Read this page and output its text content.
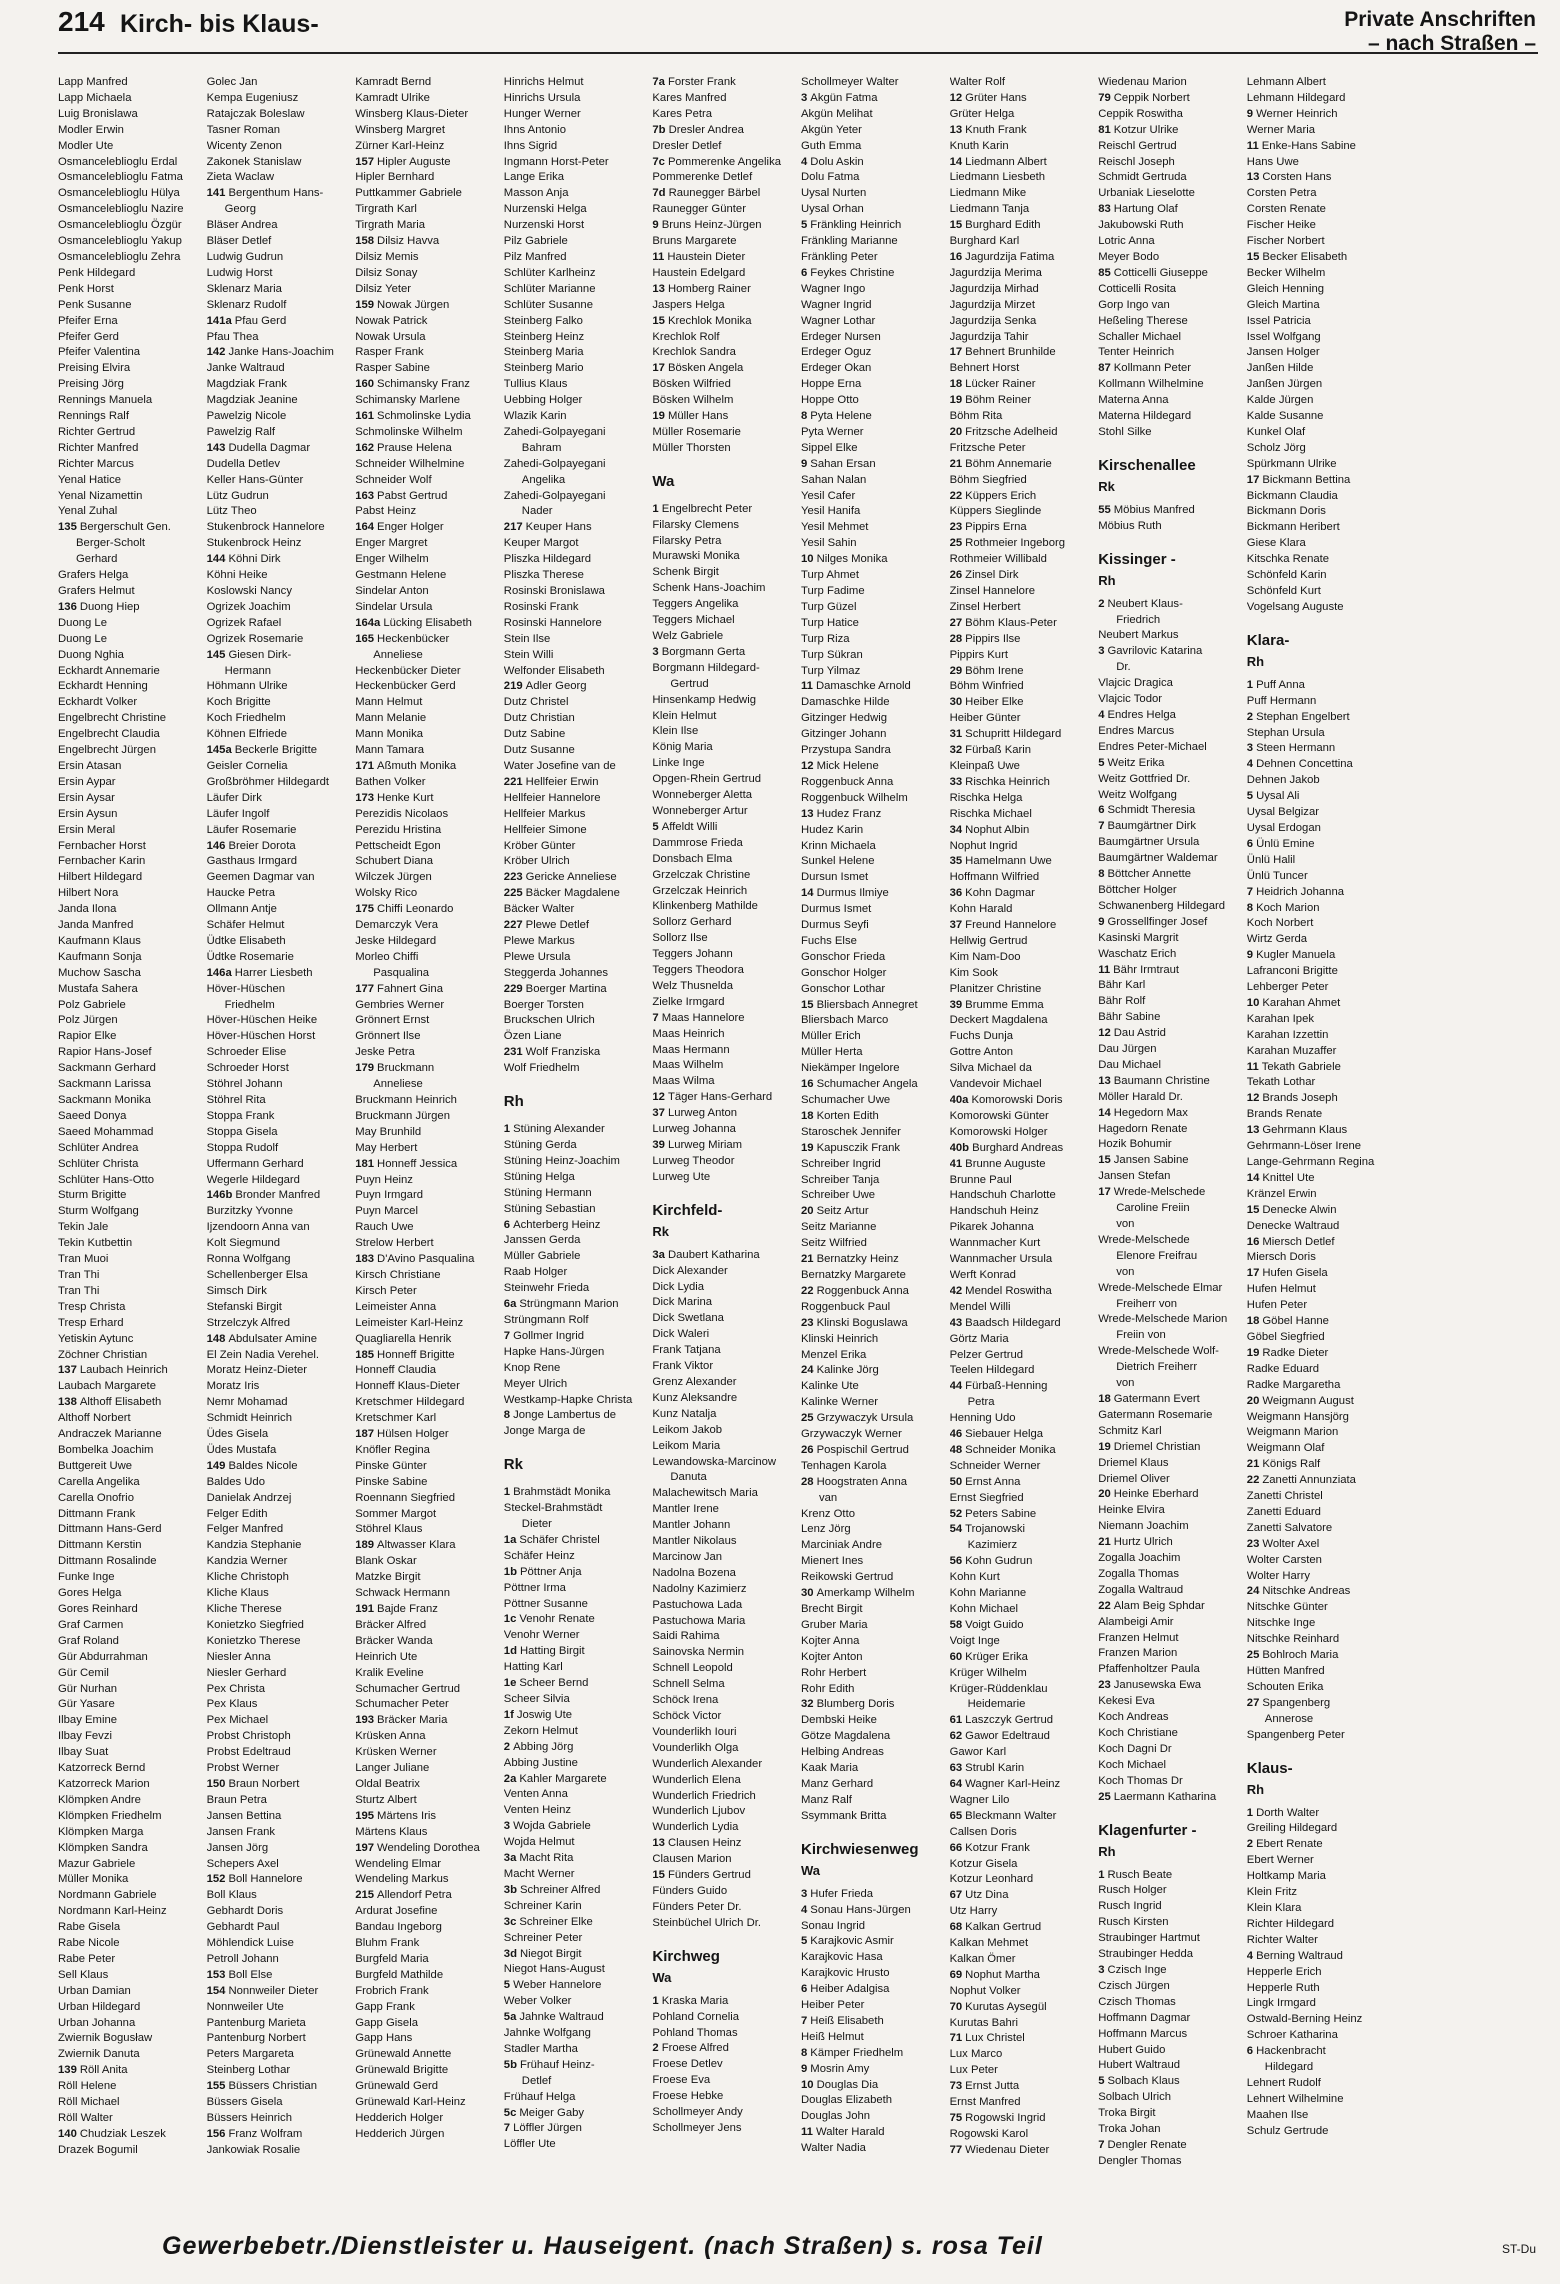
214 Kirch- bis Klaus-	Private Anschriften
– nach Straßen –
Lapp Manfred
Lapp Michaela
Luig Bronislawa
Modler Erwin
Modler Ute
Osmanceleblioglu Erdal
Osmanceleblioglu Fatma
Osmanceleblioglu Hülya
Osmanceleblioglu Nazire
Osmanceleblioglu Özgür
Osmanceleblioglu Yakup
Osmanceleblioglu Zehra
Penk Hildegard
Penk Horst
Penk Susanne
Pfeifer Erna
Pfeifer Gerd
Pfeifer Valentina
Preising Elvira
Preising Jörg
Rennings Manuela
Rennings Ralf
Richter Gertrud
Richter Manfred
Richter Marcus
Yenal Hatice
Yenal Nizamettin
Yenal Zuhal
135 Bergerschult Gen.
Berger-Scholt
Gerhard
Grafers Helga
Grafers Helmut
136 Duong Hiep
Duong Le
Duong Le
Duong Nghia
Eckhardt Annemarie
Eckhardt Henning
Eckhardt Volker
Engelbrecht Christine
Engelbrecht Claudia
Engelbrecht Jürgen
Ersin Atasan
Ersin Aypar
Ersin Aysar
Ersin Aysun
Ersin Meral
Fernbacher Horst
Fernbacher Karin
Hilbert Hildegard
Hilbert Nora
Janda Ilona
Janda Manfred
Kaufmann Klaus
Kaufmann Sonja
Muchow Sascha
Mustafa Sahera
Polz Gabriele
Polz Jürgen
Rapior Elke
Rapior Hans-Josef
Sackmann Gerhard
Sackmann Larissa
Sackmann Monika
Saeed Donya
Saeed Mohammad
Schlüter Andrea
Schlüter Christa
Schlüter Hans-Otto
Sturm Brigitte
Sturm Wolfgang
Tekin Jale
Tekin Kutbettin
Tran Muoi
Tran Thi
Tran Thi
Tresp Christa
Tresp Erhard
Yetiskin Aytunc
Zöchner Christian
137 Laubach Heinrich
Laubach Margarete
138 Althoff Elisabeth
Althoff Norbert
Andraczek Marianne
Bombelka Joachim
Buttgereit Uwe
Carella Angelika
Carella Onofrio
Dittmann Frank
Dittmann Hans-Gerd
Dittmann Kerstin
Dittmann Rosalinde
Funke Inge
Gores Helga
Gores Reinhard
Graf Carmen
Graf Roland
Gür Abdurrahman
Gür Cemil
Gür Nurhan
Gür Yasare
Ilbay Emine
Ilbay Fevzi
Ilbay Suat
Katzorreck Bernd
Katzorreck Marion
Klömpken Andre
Klömpken Friedhelm
Klömpken Marga
Klömpken Sandra
Mazur Gabriele
Müller Monika
Nordmann Gabriele
Nordmann Karl-Heinz
Rabe Gisela
Rabe Nicole
Rabe Peter
Sell Klaus
Urban Damian
Urban Hildegard
Urban Johanna
Zwiernik Bogusław
Zwiernik Danuta
139 Röll Anita
Röll Helene
Röll Michael
Röll Walter
140 Chudziak Leszek
Drazek Bogumil
Golec Jan
Kempa Eugeniusz
Ratajczak Boleslaw
Tasner Roman
Wicenty Zenon
Zakonek Stanislaw
Zieta Waclaw
141 Bergenthum Hans-
Georg
Bläser Andrea
Bläser Detlef
Ludwig Gudrun
Ludwig Horst
Sklenarz Maria
Sklenarz Rudolf
141a Pfau Gerd
Pfau Thea
142 Janke Hans-Joachim
Janke Waltraud
Magdziak Frank
Magdziak Jeanine
Pawelzig Nicole
Pawelzig Ralf
143 Dudella Dagmar
Dudella Detlev
Keller Hans-Günter
Lütz Gudrun
Lütz Theo
Stukenbrock Hannelore
Stukenbrock Heinz
144 Köhni Dirk
Köhni Heike
Koslowski Nancy
Ogrizek Joachim
Ogrizek Rafael
Ogrizek Rosemarie
145 Giesen Dirk-
Hermann
Höhmann Ulrike
Koch Brigitte
Koch Friedhelm
Köhnen Elfriede
145a Beckerle Brigitte
Geisler Cornelia
Großbröhmer Hildegardt
Läufer Dirk
Läufer Ingolf
Läufer Rosemarie
146 Breier Dorota
Gasthaus Irmgard
Geemen Dagmar van
Haucke Petra
Ollmann Antje
Schäfer Helmut
Üdtke Elisabeth
Üdtke Rosemarie
146a Harrer Liesbeth
Höver-Hüschen
Friedhelm
Höver-Hüschen Heike
Höver-Hüschen Horst
Schroeder Elise
Schroeder Horst
Stöhrel Johann
Stöhrel Rita
Stoppa Frank
Stoppa Gisela
Stoppa Rudolf
Uffermann Gerhard
Wegerle Hildegard
146b Bronder Manfred
Burzitzky Yvonne
Ijzendoorn Anna van
Kolt Siegmund
Ronna Wolfgang
Schellenberger Elsa
Simsch Dirk
Stefanski Birgit
Strzelczyk Alfred
148 Abdulsater Amine
El Zein Nadia Verehel.
Moratz Heinz-Dieter
Moratz Iris
Nemr Mohamad
Schmidt Heinrich
Üdes Gisela
Üdes Mustafa
149 Baldes Nicole
Baldes Udo
Danielak Andrzej
Felger Edith
Felger Manfred
Kandzia Stephanie
Kandzia Werner
Kliche Christoph
Kliche Klaus
Kliche Therese
Konietzko Siegfried
Konietzko Therese
Niesler Anna
Niesler Gerhard
Pex Christa
Pex Klaus
Pex Michael
Probst Christoph
Probst Edeltraud
Probst Werner
150 Braun Norbert
Braun Petra
Jansen Bettina
Jansen Frank
Jansen Jörg
Schepers Axel
152 Boll Hannelore
Boll Klaus
Gebhardt Doris
Gebhardt Paul
Möhlendick Luise
Petroll Johann
153 Boll Else
154 Nonnweiler Dieter
Nonnweiler Ute
Pantenburg Marieta
Pantenburg Norbert
Peters Margareta
Steinberg Lothar
155 Büssers Christian
Büssers Gisela
Büssers Heinrich
156 Franz Wolfram
Jankowiak Rosalie
Kamradt Bernd
Kamradt Ulrike
Winsberg Klaus-Dieter
Winsberg Margret
Zürner Karl-Heinz
157 Hipler Auguste
Hipler Bernhard
Puttkammer Gabriele
Tirgrath Karl
Tirgrath Maria
158 Dilsiz Havva
Dilsiz Memis
Dilsiz Sonay
Dilsiz Yeter
159 Nowak Jürgen
Nowak Patrick
Nowak Ursula
Rasper Frank
Rasper Sabine
160 Schimansky Franz
Schimansky Marlene
161 Schmolinske Lydia
Schmolinske Wilhelm
162 Prause Helena
Schneider Wilhelmine
Schneider Wolf
163 Pabst Gertrud
Pabst Heinz
164 Enger Holger
Enger Margret
Enger Wilhelm
Gestmann Helene
Sindelar Anton
Sindelar Ursula
164a Lücking Elisabeth
165 Heckenbücker
Anneliese
Heckenbücker Dieter
Heckenbücker Gerd
Mann Helmut
Mann Melanie
Mann Monika
Mann Tamara
171 Aßmuth Monika
Bathen Volker
173 Henke Kurt
Perezidis Nicolaos
Perezidu Hristina
Pettscheidt Egon
Schubert Diana
Wilczek Jürgen
Wolsky Rico
175 Chiffi Leonardo
Demarczyk Vera
Jeske Hildegard
Morleo Chiffi
Pasqualina
177 Fahnert Gina
Gembries Werner
Grönnert Ernst
Grönnert Ilse
Jeske Petra
179 Bruckmann
Anneliese
Bruckmann Heinrich
Bruckmann Jürgen
May Brunhild
May Herbert
181 Honneff Jessica
Puyn Heinz
Puyn Irmgard
Puyn Marcel
Rauch Uwe
Strelow Herbert
183 D'Avino Pasqualina
Kirsch Christiane
Kirsch Peter
Leimeister Anna
Leimeister Karl-Heinz
Quagliarella Henrik
185 Honneff Brigitte
Honneff Claudia
Honneff Klaus-Dieter
Kretschmer Hildegard
Kretschmer Karl
187 Hülsen Holger
Knöfler Regina
Pinske Günter
Pinske Sabine
Roennann Siegfried
Sommer Margot
Stöhrel Klaus
189 Altwasser Klara
Blank Oskar
Matzke Birgit
Schwack Hermann
191 Bajde Franz
Bräcker Alfred
Bräcker Wanda
Heinrich Ute
Kralik Eveline
Schumacher Gertrud
Schumacher Peter
193 Bräcker Maria
Krüsken Anna
Krüsken Werner
Langer Juliane
Oldal Beatrix
Sturtz Albert
195 Märtens Iris
Märtens Klaus
197 Wendeling Dorothea
Wendeling Elmar
Wendeling Markus
215 Allendorf Petra
Ardurat Josefine
Bandau Ingeborg
Bluhm Frank
Burgfeld Maria
Burgfeld Mathilde
Frobrich Frank
Gapp Frank
Gapp Gisela
Gapp Hans
Grünewald Annette
Grünewald Brigitte
Grünewald Gerd
Grünewald Karl-Heinz
Hedderich Holger
Hedderich Jürgen
Hinrichs Helmut
Hinrichs Ursula
Hunger Werner
Ihns Antonio
Ihns Sigrid
Ingmann Horst-Peter
Lange Erika
Masson Anja
Nurzenski Helga
Nurzenski Horst
Pilz Gabriele
Pilz Manfred
Schlüter Karlheinz
Schlüter Marianne
Schlüter Susanne
Steinberg Falko
Steinberg Heinz
Steinberg Maria
Steinberg Mario
Tullius Klaus
Uebbing Holger
Wlazik Karin
Zahedi-Golpayegani
Bahram
Zahedi-Golpayegani
Angelika
Zahedi-Golpayegani
Nader
217 Keuper Hans
Keuper Margot
Pliszka Hildegard
Pliszka Therese
Rosinski Bronislawa
Rosinski Frank
Rosinski Hannelore
Stein Ilse
Stein Willi
Welfonder Elisabeth
219 Adler Georg
Dutz Christel
Dutz Christian
Dutz Sabine
Dutz Susanne
Water Josefine van de
221 Hellfeier Erwin
Hellfeier Hannelore
Hellfeier Markus
Hellfeier Simone
Kröber Günter
Kröber Ulrich
223 Gericke Anneliese
225 Bäcker Magdalene
Bäcker Walter
227 Plewe Detlef
Plewe Markus
Plewe Ursula
Steggerda Johannes
229 Boerger Martina
Boerger Torsten
Brucksch‌en Ulrich
Özen Liane
231 Wolf Franziska
Wolf Friedhelm
Rh
1 Stüning Alexander
Stüning Gerda
Stüning Heinz-Joachim
Stüning Helga
Stüning Hermann
Stüning Sebastian
6 Achterberg Heinz
Janssen Gerda
Müller Gabriele
Raab Holger
Steinwehr Frieda
6a Strüngmann Marion
Strüngmann Rolf
7 Gollmer Ingrid
Hapke Hans-Jürgen
Knop Rene
Meyer Ulrich
Westkamp-Hapke Christa
8 Jonge Lambertus de
Jonge Marga de
Rk
1 Brahmstädt Monika
Steckel-Brahmstädt
Dieter
1a Schäfer Christel
Schäfer Heinz
1b Pöttner Anja
Pöttner Irma
Pöttner Susanne
1c Venohr Renate
Venohr Werner
1d Hatting Birgit
Hatting Karl
1e Scheer Bernd
Scheer Silvia
1f Joswig Ute
Zekorn Helmut
2 Abbing Jörg
Abbing Justine
2a Kahler Margarete
Venten Anna
Venten Heinz
3 Wojda Gabriele
Wojda Helmut
3a Macht Rita
Macht Werner
3b Schreiner Alfred
Schreiner Karin
3c Schreiner Elke
Schreiner Peter
3d Niegot Birgit
Niegot Hans-August
5 Weber Hannelore
Weber Volker
5a Jahnke Waltraud
Jahnke Wolfgang
Stadler Martha
5b Frühauf Heinz-
Detlef
Frühauf Helga
5c Meiger Gaby
7 Löffler Jürgen
Löffler Ute
7a Forster Frank
Kares Manfred
Kares Petra
7b Dresler Andrea
Dresler Detlef
7c Pommerenke Angelika
Pommerenke Detlef
7d Raunegger Bärbel
Raunegger Günter
9 Bruns Heinz-Jürgen
Bruns Margarete
11 Haustein Dieter
Haustein Edelgard
13 Homberg Rainer
Jaspers Helga
15 Krechlok Monika
Krechlok Rolf
Krechlok Sandra
17 Bösken Angela
Bösken Wilfried
Bösken Wilhelm
19 Müller Hans
Müller Rosemarie
Müller Thorsten
Wa
1 Engelbrecht Peter
Filarsky Clemens
Filarsky Petra
Murawski Monika
Schenk Birgit
Schenk Hans-Joachim
Teggers Angelika
Teggers Michael
Welz Gabriele
3 Borgmann Gerta
Borgmann Hildegard-
Gertrud
Hinsenkamp Hedwig
Klein Helmut
Klein Ilse
König Maria
Linke Inge
Opgen-Rhein Gertrud
Wonneberger Aletta
Wonneberger Artur
5 Affeldt Willi
Dammrose Frieda
Donsbach Elma
Grzelczak Christine
Grzelczak Heinrich
Klinkenberg Mathilde
Sollorz Gerhard
Sollorz Ilse
Teggers Johann
Teggers Theodora
Welz Thusnelda
Zielke Irmgard
7 Maas Hannelore
Maas Heinrich
Maas Hermann
Maas Wilhelm
Maas Wilma
12 Täger Hans-Gerhard
37 Lurweg Anton
Lurweg Johanna
39 Lurweg Miriam
Lurweg Theodor
Lurweg Ute
Kirchfeld-
Rk
3a Daubert Katharina
Dick Alexander
Dick Lydia
Dick Marina
Dick Swetlana
Dick Waleri
Frank Tatjana
Frank Viktor
Grenz Alexander
Kunz Aleksandre
Kunz Natalja
Leikom Jakob
Leikom Maria
Lewandowska-Marcinow
Danuta
Malachewitsch Maria
Mantler Irene
Mantler Johann
Mantler Nikolaus
Marcinow Jan
Nadolna Bozena
Nadolny Kazimierz
Pastuchowa Lada
Pastuchowa Maria
Saidi Rahima
Sainovska Nermin
Schnell Leopold
Schnell Selma
Schöck Irena
Schöck Victor
Vounderlikh Iouri
Vounderlikh Olga
Wunderlich Alexander
Wunderlich Elena
Wunderlich Friedrich
Wunderlich Ljubov
Wunderlich Lydia
13 Clausen Heinz
Clausen Marion
15 Fünders Gertrud
Fünders Guido
Fünders Peter Dr.
Steinbüchel Ulrich Dr.
Kirchweg
Wa
1 Kraska Maria
Pohland Cornelia
Pohland Thomas
2 Froese Alfred
Froese Detlev
Froese Eva
Froese Hebke
Schollmeyer Andy
Schollmeyer Jens
Schollmeyer Walter
3 Akgün Fatma
Akgün Melihat
Akgün Yeter
Guth Emma
4 Dolu Askin
Dolu Fatma
Uysal Nurten
Uysal Orhan
5 Fränkling Heinrich
Fränkling Marianne
Fränkling Peter
6 Feykes Christine
Wagner Ingo
Wagner Ingrid
Wagner Lothar
Erdeger Nursen
Erdeger Oguz
Erdeger Okan
Hoppe Erna
Hoppe Otto
8 Pyta Helene
Pyta Werner
Sippel Elke
9 Sahan Ersan
Sahan Nalan
Yesil Cafer
Yesil Hanifa
Yesil Mehmet
Yesil Sahin
10 Nilges Monika
Turp Ahmet
Turp Fadime
Turp Güzel
Turp Hatice
Turp Riza
Turp Sükran
Turp Yilmaz
11 Damaschke Arnold
Damaschke Hilde
Gitzinger Hedwig
Gitzinger Johann
Przystupa Sandra
12 Mick Helene
Roggenbuck Anna
Roggenbuck Wilhelm
13 Hudez Franz
Hudez Karin
Krinn Michaela
Sunkel Helene
Dursun Ismet
14 Durmus Ilmiye
Durmus Ismet
Durmus Seyfi
Fuchs Else
Gonschor Frieda
Gonschor Holger
Gonschor Lothar
15 Bliersbach Annegret
Bliersbach Marco
Müller Erich
Müller Herta
Niekämper Ingelore
16 Schumacher Angela
Schumacher Uwe
18 Korten Edith
Staroschek Jennifer
19 Kapusczik Frank
Schreiber Ingrid
Schreiber Tanja
Schreiber Uwe
20 Seitz Artur
Seitz Marianne
Seitz Wilfried
21 Bernatzky Heinz
Bernatzky Margarete
22 Roggenbuck Anna
Roggenbuck Paul
23 Klinski Boguslawa
Klinski Heinrich
Menzel Erika
24 Kalinke Jörg
Kalinke Ute
Kalinke Werner
25 Grzywaczyk Ursula
Grzywaczyk Werner
26 Pospischil Gertrud
Tenhagen Karola
28 Hoogstraten Anna
van
Krenz Otto
Lenz Jörg
Marciniak Andre
Mienert Ines
Reikowski Gertrud
30 Amerkamp Wilhelm
Brecht Birgit
Gruber Maria
Kojter Anna
Kojter Anton
Rohr Herbert
Rohr Edith
32 Blumberg Doris
Dembski Heike
Götze Magdalena
Helbing Andreas
Kaak Maria
Manz Gerhard
Manz Ralf
Ssymmank Britta
Kirchwiesenweg
Wa
3 Hufer Frieda
4 Sonau Hans-Jürgen
Sonau Ingrid
5 Karajkovic Asmir
Karajkovic Hasa
Karajkovic Hrusto
6 Heiber Adalgisa
Heiber Peter
7 Heiß Elisabeth
Heiß Helmut
8 Kämper Friedhelm
9 Mosrin Amy
10 Douglas Dia
Douglas Elizabeth
Douglas John
11 Walter Harald
Walter Nadia
Walter Rolf
12 Grüter Hans
Grüter Helga
13 Knuth Frank
Knuth Karin
14 Liedmann Albert
Liedmann Liesbeth
Liedmann Mike
Liedmann Tanja
15 Burghard Edith
Burghard Karl
16 Jagurdzija Fatima
Jagurdzija Merima
Jagurdzija Mirhad
Jagurdzija Mirzet
Jagurdzija Senka
Jagurdzija Tahir
17 Behnert Brunhilde
Behnert Horst
18 Lücker Rainer
19 Böhm Reiner
Böhm Rita
20 Fritzsche Adelheid
Fritzsche Peter
21 Böhm Annemarie
Böhm Siegfried
22 Küppers Erich
Küppers Sieglinde
23 Pippirs Erna
25 Rothmeier Ingeborg
Rothmeier Willibald
26 Zinsel Dirk
Zinsel Hannelore
Zinsel Herbert
27 Böhm Klaus-Peter
28 Pippirs Ilse
Pippirs Kurt
29 Böhm Irene
Böhm Winfried
30 Heiber Elke
Heiber Günter
31 Schupritt Hildegard
32 Fürbaß Karin
Kleinpaß Uwe
33 Rischka Heinrich
Rischka Helga
Rischka Michael
34 Nophut Albin
Nophut Ingrid
35 Hamelmann Uwe
Hoffmann Wilfried
36 Kohn Dagmar
Kohn Harald
37 Freund Hannelore
Hellwig Gertrud
Kim Nam-Doo
Kim Sook
Planitzer Christine
39 Brumme Emma
Deckert Magdalena
Fuchs Dunja
Gottre Anton
Silva Michael da
Vandevoir Michael
40a Komorowski Doris
Komorowski Günter
Komorowski Holger
40b Burghard Andreas
41 Brunne Auguste
Brunne Paul
Handschuh Charlotte
Handschuh Heinz
Pikarek Johanna
Wannmacher Kurt
Wannmacher Ursula
Werft Konrad
42 Mendel Roswitha
Mendel Willi
43 Baadsch Hildegard
Görtz Maria
Pelzer Gertrud
Teelen Hildegard
44 Fürbaß-Henning
Petra
Henning Udo
46 Siebauer Helga
48 Schneider Monika
Schneider Werner
50 Ernst Anna
Ernst Siegfried
52 Peters Sabine
54 Trojanowski
Kazimierz
56 Kohn Gudrun
Kohn Kurt
Kohn Marianne
Kohn Michael
58 Voigt Guido
Voigt Inge
60 Krüger Erika
Krüger Wilhelm
Krüger-Rüddenklau
Heidemarie
61 Laszczyk Gertrud
62 Gawor Edeltraud
Gawor Karl
63 Strubl Karin
64 Wagner Karl-Heinz
Wagner Lilo
65 Bleckmann Walter
Callsen Doris
66 Kotzur Frank
Kotzur Gisela
Kotzur Leonhard
67 Utz Dina
Utz Harry
68 Kalkan Gertrud
Kalkan Mehmet
Kalkan Ömer
69 Nophut Martha
Nophut Volker
70 Kurutas Aysegül
Kurutas Bahri
71 Lux Christel
Lux Marco
Lux Peter
73 Ernst Jutta
Ernst Manfred
75 Rogowski Ingrid
Rogowski Karol
77 Wiedenau Dieter
Wiedenau Marion
79 Ceppik Norbert
Ceppik Roswitha
81 Kotzur Ulrike
Reischl Gertrud
Reischl Joseph
Schmidt Gertruda
Urbaniak Lieselotte
83 Hartung Olaf
Jakubowski Ruth
Lotric Anna
Meyer Bodo
85 Cotticelli Giuseppe
Cotticelli Rosita
Gorp Ingo van
Heßeling Therese
Schaller Michael
Tenter Heinrich
87 Kollmann Peter
Kollmann Wilhelmine
Materna Anna
Materna Hildegard
Stohl Silke
Kirschenallee
Rk
55 Möbius Manfred
Möbius Ruth
Kissinger -
Rh
2 Neubert Klaus-
Friedrich
Neubert Markus
3 Gavrilovic Katarina
Dr.
Vlajcic Dragica
Vlajcic Todor
4 Endres Helga
Endres Marcus
Endres Peter-Michael
5 Weitz Erika
Weitz Gottfried Dr.
Weitz Wolfgang
6 Schmidt Theresia
7 Baumgärtner Dirk
Baumgärtner Ursula
Baumgärtner Waldemar
8 Böttcher Annette
Böttcher Holger
Schwanenberg Hildegard
9 Grossellfinger Josef
Kasinski Margrit
Waschatz Erich
11 Bähr Irmtraut
Bähr Karl
Bähr Rolf
Bähr Sabine
12 Dau Astrid
Dau Jürgen
Dau Michael
13 Baumann Christine
Möller Harald Dr.
14 Hegedorn Max
Hagedorn Renate
Hozik Bohumir
15 Jansen Sabine
Jansen Stefan
17 Wrede-Melschede
Caroline Freiin
von
Wrede-Melschede
Elenore Freifrau
von
Wrede-Melschede Elmar
Freiherr von
Wrede-Melschede Marion
Freiin von
Wrede-Melschede Wolf-
Dietrich Freiherr
von
18 Gatermann Evert
Gatermann Rosemarie
Schmitz Karl
19 Driemel Christian
Driemel Klaus
Driemel Oliver
20 Heinke Eberhard
Heinke Elvira
Niemann Joachim
21 Hurtz Ulrich
Zogalla Joachim
Zogalla Thomas
Zogalla Waltraud
22 Alam Beig Sphdar
Alambeigi Amir
Franzen Helmut
Franzen Marion
Pfaffenholtzer Paula
23 Janusewska Ewa
Kekesi Eva
Koch Andreas
Koch Christiane
Koch Dagni Dr
Koch Michael
Koch Thomas Dr
25 Laermann Katharina
Klagenfurter -
Rh
1 Rusch Beate
Rusch Holger
Rusch Ingrid
Rusch Kirsten
Straubinger Hartmut
Straubinger Hedda
3 Czisch Inge
Czisch Jürgen
Czisch Thomas
Hoffmann Dagmar
Hoffmann Marcus
Hubert Guido
Hubert Waltraud
5 Solbach Klaus
Solbach Ulrich
Troka Birgit
Troka Johan
7 Dengler Renate
Dengler Thomas
Lehmann Albert
Lehmann Hildegard
9 Werner Heinrich
Werner Maria
11 Enke-Hans Sabine
Hans Uwe
13 Corsten Hans
Corsten Petra
Corsten Renate
Fischer Heike
Fischer Norbert
15 Becker Elisabeth
Becker Wilhelm
Gleich Henning
Gleich Martina
Issel Patricia
Issel Wolfgang
Jansen Holger
Janßen Hilde
Janßen Jürgen
Kalde Jürgen
Kalde Susanne
Kunkel Olaf
Scholz Jörg
Spürkmann Ulrike
17 Bickmann Bettina
Bickmann Claudia
Bickmann Doris
Bickmann Heribert
Giese Klara
Kitschka Renate
Schönfeld Karin
Schönfeld Kurt
Vogelsang Auguste
Klara-
Rh
1 Puff Anna
Puff Hermann
2 Stephan Engelbert
Stephan Ursula
3 Steen Hermann
4 Dehnen Concettina
Dehnen Jakob
5 Uysal Ali
Uysal Belgizar
Uysal Erdogan
6 Ünlü Emine
Ünlü Halil
Ünlü Tuncer
7 Heidrich Johanna
8 Koch Marion
Koch Norbert
Wirtz Gerda
9 Kugler Manuela
Lafranconi Brigitte
Lehberger Peter
10 Karahan Ahmet
Karahan Ipek
Karahan Izzettin
Karahan Muzaffer
11 Tekath Gabriele
Tekath Lothar
12 Brands Joseph
Brands Renate
13 Gehrmann Klaus
Gehrmann-Löser Irene
Lange-Gehrmann Regina
14 Knittel Ute
Kränzel Erwin
15 Denecke Alwin
Denecke Waltraud
16 Miersch Detlef
Miersch Doris
17 Hufen Gisela
Hufen Helmut
Hufen Peter
18 Göbel Hanne
Göbel Siegfried
19 Radke Dieter
Radke Eduard
Radke Margaretha
20 Weigmann August
Weigmann Hansjörg
Weigmann Marion
Weigmann Olaf
21 Königs Ralf
22 Zanetti Annunziata
Zanetti Christel
Zanetti Eduard
Zanetti Salvatore
23 Wolter Axel
Wolter Carsten
Wolter Harry
24 Nitschke Andreas
Nitschke Günter
Nitschke Inge
Nitschke Reinhard
25 Bohlroch Maria
Hütten Manfred
Schouten Erika
27 Spangenberg
Annerose
Spangenberg Peter
Klaus-
Rh
1 Dorth Walter
Greiling Hildegard
2 Ebert Renate
Ebert Werner
Holtkamp Maria
Klein Fritz
Klein Klara
Richter Hildegard
Richter Walter
4 Berning Waltraud
Hepperle Erich
Hepperle Ruth
Lingk Irmgard
Ostwald-Berning Heinz
Schroer Katharina
6 Hackenbracht
Hildegard
Lehnert Rudolf
Lehnert Wilhelmine
Maahen Ilse
Schulz Gertrude
Gewerbebetr./Dienstleister u. Hauseigent. (nach Straßen) s. rosa Teil	ST-Du
